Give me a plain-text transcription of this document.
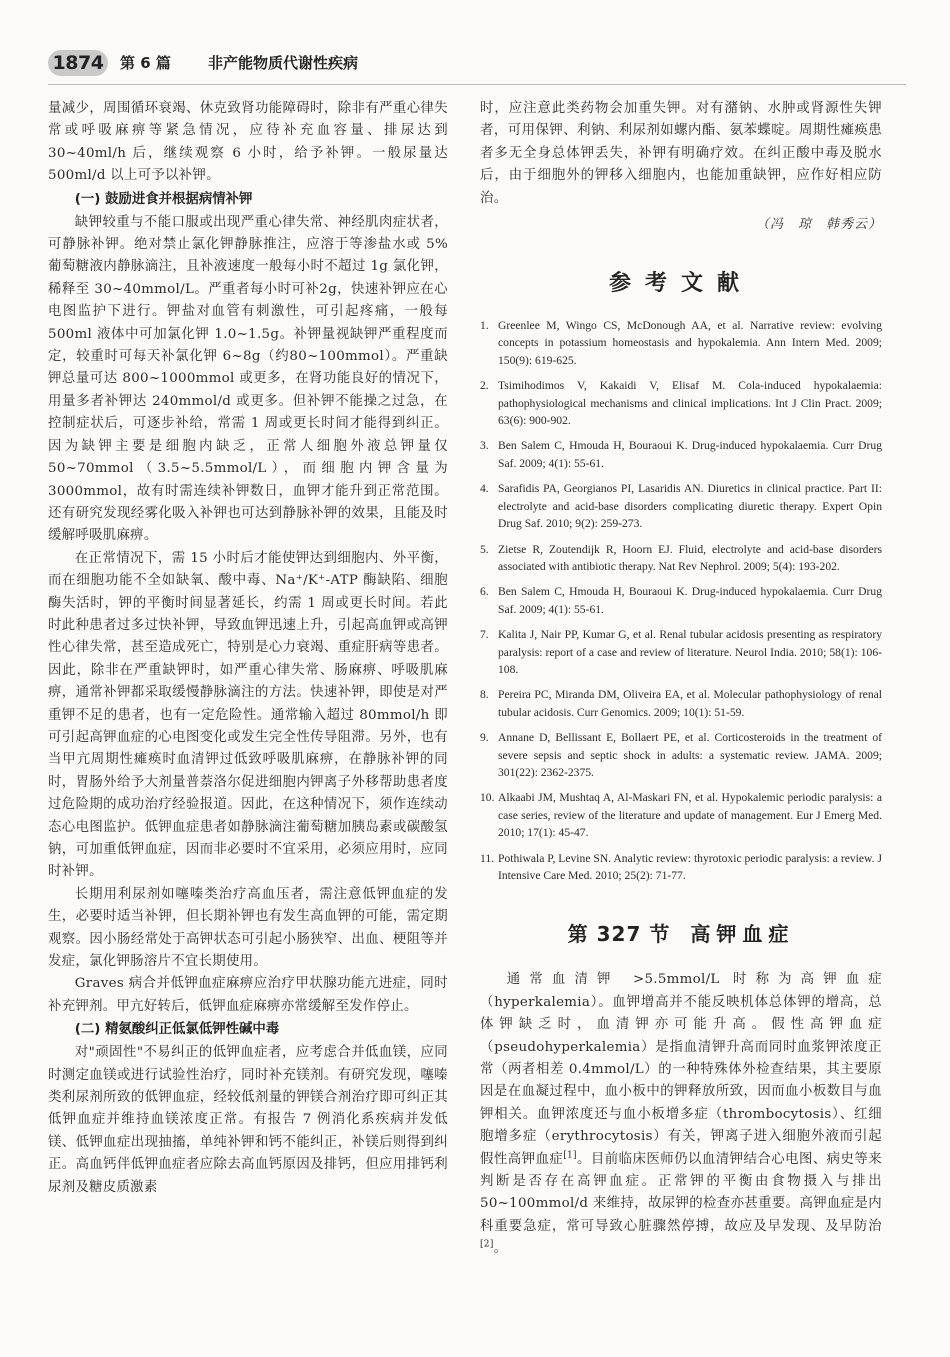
1874	第 6 篇 非产能物质代谢性疾病

量减少，周围循环衰竭、休克致肾功能障碍时，除非有严重心律失常或呼吸麻痹等紧急情况，应待补充血容量、排尿达到 30~40ml/h 后，继续观察 6 小时，给予补钾。一般尿量达500ml/d 以上可予以补钾。

(一) 鼓励进食并根据病情补钾

缺钾较重与不能口服或出现严重心律失常、神经肌肉症状者，可静脉补钾。绝对禁止氯化钾静脉推注，应溶于等渗盐水或 5% 葡萄糖液内静脉滴注，且补液速度一般每小时不超过 1g 氯化钾，稀释至 30~40mmol/L。严重者每小时可补2g，快速补钾应在心电图监护下进行。钾盐对血管有刺激性，可引起疼痛，一般每 500ml 液体中可加氯化钾 1.0~1.5g。补钾量视缺钾严重程度而定，较重时可每天补氯化钾 6~8g（约80~100mmol）。严重缺钾总量可达 800~1000mmol 或更多，在肾功能良好的情况下，用量多者补钾达 240mmol/d 或更多。但补钾不能操之过急，在控制症状后，可逐步补给，常需 1 周或更长时间才能得到纠正。因为缺钾主要是细胞内缺乏，正常人细胞外液总钾量仅 50~70mmol（3.5~5.5mmol/L），而细胞内钾含量为 3000mmol，故有时需连续补钾数日，血钾才能升到正常范围。还有研究发现经雾化吸入补钾也可达到静脉补钾的效果，且能及时缓解呼吸肌麻痹。

在正常情况下，需 15 小时后才能使钾达到细胞内、外平衡，而在细胞功能不全如缺氧、酸中毒、Na⁺/K⁺-ATP 酶缺陷、细胞酶失活时，钾的平衡时间显著延长，约需 1 周或更长时间。若此时此种患者过多过快补钾，导致血钾迅速上升，引起高血钾或高钾性心律失常，甚至造成死亡，特别是心力衰竭、重症肝病等患者。因此，除非在严重缺钾时，如严重心律失常、肠麻痹、呼吸肌麻痹，通常补钾都采取缓慢静脉滴注的方法。快速补钾，即使是对严重钾不足的患者，也有一定危险性。通常输入超过 80mmol/h 即可引起高钾血症的心电图变化或发生完全性传导阻滞。另外，也有当甲亢周期性瘫痪时血清钾过低致呼吸肌麻痹，在静脉补钾的同时，胃肠外给予大剂量普萘洛尔促进细胞内钾离子外移帮助患者度过危险期的成功治疗经验报道。因此，在这种情况下，须作连续动态心电图监护。低钾血症患者如静脉滴注葡萄糖加胰岛素或碳酸氢钠，可加重低钾血症，因而非必要时不宜采用，必须应用时，应同时补钾。

长期用利尿剂如噻嗪类治疗高血压者，需注意低钾血症的发生，必要时适当补钾，但长期补钾也有发生高血钾的可能，需定期观察。因小肠经常处于高钾状态可引起小肠狭窄、出血、梗阻等并发症，氯化钾肠溶片不宜长期使用。

Graves 病合并低钾血症麻痹应治疗甲状腺功能亢进症，同时补充钾剂。甲亢好转后，低钾血症麻痹亦常缓解至发作停止。

(二) 精氨酸纠正低氯低钾性碱中毒

对"顽固性"不易纠正的低钾血症者，应考虑合并低血镁，应同时测定血镁或进行试验性治疗，同时补充镁剂。有研究发现，噻嗪类利尿剂所致的低钾血症，经较低剂量的钾镁合剂治疗即可纠正其低钾血症并维持血镁浓度正常。有报告 7 例消化系疾病并发低镁、低钾血症出现抽搐，单纯补钾和钙不能纠正，补镁后则得到纠正。高血钙伴低钾血症者应除去高血钙原因及排钙，但应用排钙利尿剂及糖皮质激素

时，应注意此类药物会加重失钾。对有潴钠、水肿或肾源性失钾者，可用保钾、利钠、利尿剂如螺内酯、氨苯蝶啶。周期性瘫痪患者多无全身总体钾丢失，补钾有明确疗效。在纠正酸中毒及脱水后，由于细胞外的钾移入细胞内，也能加重缺钾，应作好相应防治。

（冯　琼　韩秀云）
参考文献
1. Greenlee M, Wingo CS, McDonough AA, et al. Narrative review: evolving concepts in potassium homeostasis and hypokalemia. Ann Intern Med. 2009; 150(9): 619-625.
2. Tsimihodimos V, Kakaidi V, Elisaf M. Cola-induced hypokalaemia: pathophysiological mechanisms and clinical implications. Int J Clin Pract. 2009; 63(6): 900-902.
3. Ben Salem C, Hmouda H, Bouraoui K. Drug-induced hypokalaemia. Curr Drug Saf. 2009; 4(1): 55-61.
4. Sarafidis PA, Georgianos PI, Lasaridis AN. Diuretics in clinical practice. Part II: electrolyte and acid-base disorders complicating diuretic therapy. Expert Opin Drug Saf. 2010; 9(2): 259-273.
5. Zietse R, Zoutendijk R, Hoorn EJ. Fluid, electrolyte and acid-base disorders associated with antibiotic therapy. Nat Rev Nephrol. 2009; 5(4): 193-202.
6. Ben Salem C, Hmouda H, Bouraoui K. Drug-induced hypokalaemia. Curr Drug Saf. 2009; 4(1): 55-61.
7. Kalita J, Nair PP, Kumar G, et al. Renal tubular acidosis presenting as respiratory paralysis: report of a case and review of literature. Neurol India. 2010; 58(1): 106-108.
8. Pereira PC, Miranda DM, Oliveira EA, et al. Molecular pathophysiology of renal tubular acidosis. Curr Genomics. 2009; 10(1): 51-59.
9. Annane D, Bellissant E, Bollaert PE, et al. Corticosteroids in the treatment of severe sepsis and septic shock in adults: a systematic review. JAMA. 2009; 301(22): 2362-2375.
10. Alkaabi JM, Mushtaq A, Al-Maskari FN, et al. Hypokalemic periodic paralysis: a case series, review of the literature and update of management. Eur J Emerg Med. 2010; 17(1): 45-47.
11. Pothiwala P, Levine SN. Analytic review: thyrotoxic periodic paralysis: a review. J Intensive Care Med. 2010; 25(2): 71-77.
第 327 节 高钾血症

通常血清钾 >5.5mmol/L 时称为高钾血症（hyperkalemia）。血钾增高并不能反映机体总体钾的增高，总体钾缺乏时，血清钾亦可能升高。假性高钾血症（pseudohyperkalemia）是指血清钾升高而同时血浆钾浓度正常（两者相差 0.4mmol/L）的一种特殊体外检查结果，其主要原因是在血凝过程中，血小板中的钾释放所致，因而血小板数目与血钾相关。血钾浓度还与血小板增多症（thrombocytosis）、红细胞增多症（erythrocytosis）有关，钾离子进入细胞外液而引起假性高钾血症[1]。目前临床医师仍以血清钾结合心电图、病史等来判断是否存在高钾血症。正常钾的平衡由食物摄入与排出 50~100mmol/d 来维持，故尿钾的检查亦甚重要。高钾血症是内科重要急症，常可导致心脏骤然停搏，故应及早发现、及早防治[2]。
